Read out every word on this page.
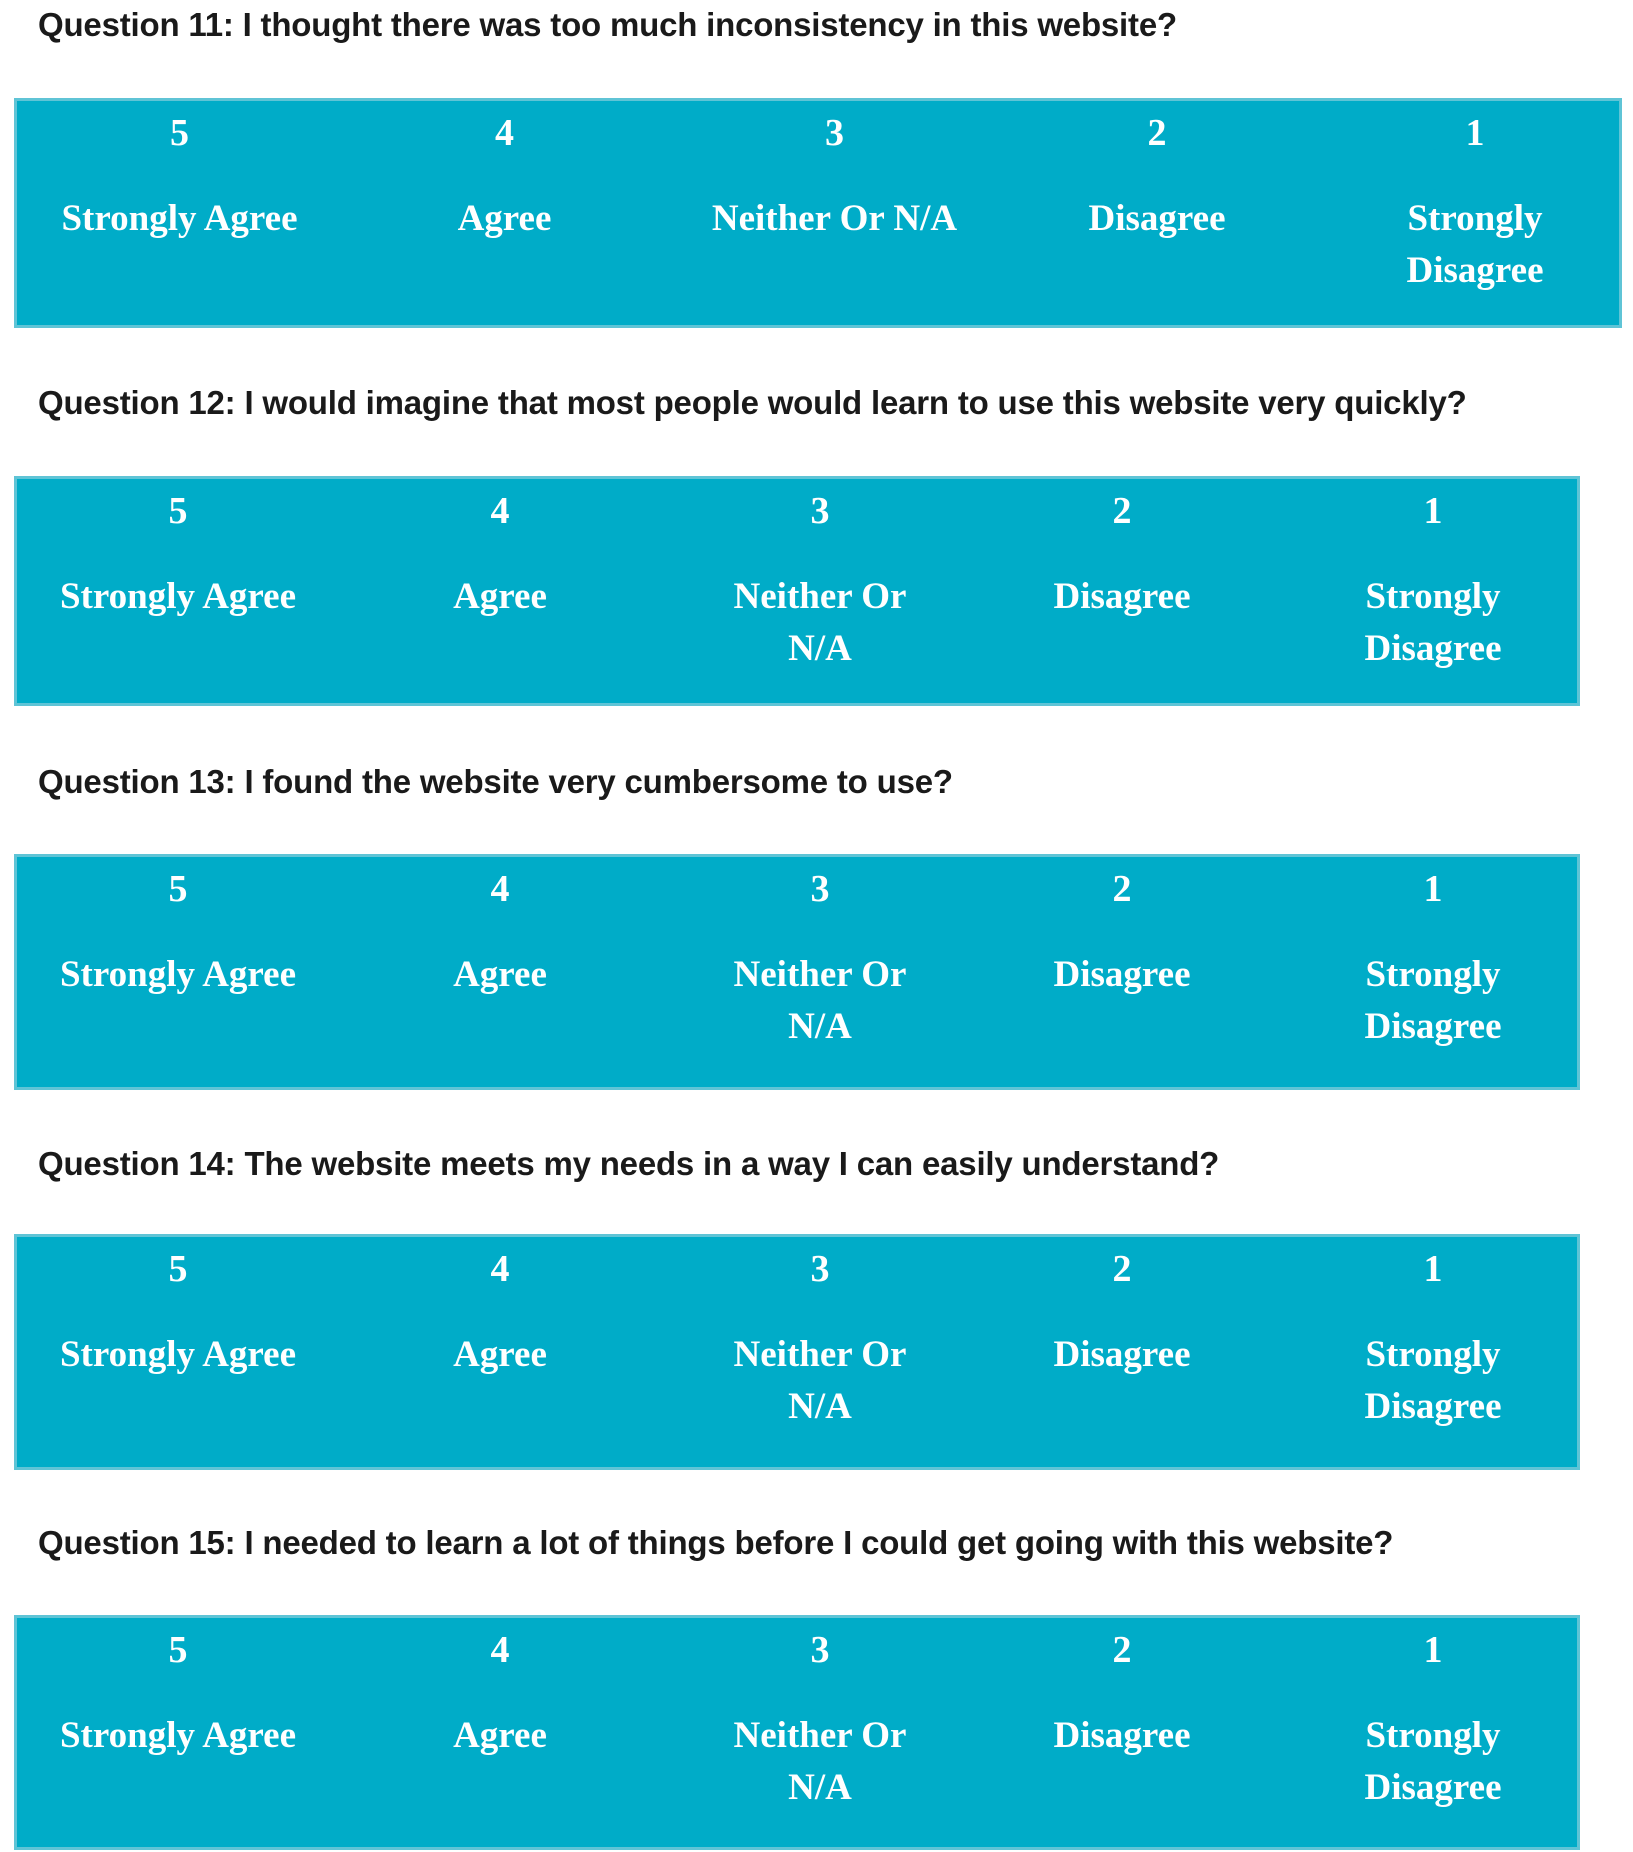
Question 11: I thought there was too much inconsistency in this website?
5
Strongly Agree
4
Agree
3
Neither Or N/A
2
Disagree
1
Strongly Disagree
Question 12: I would imagine that most people would learn to use this website very quickly?
5
Strongly Agree
4
Agree
3
Neither Or N/A
2
Disagree
1
Strongly Disagree
Question 13: I found the website very cumbersome to use?
5
Strongly Agree
4
Agree
3
Neither Or N/A
2
Disagree
1
Strongly Disagree
Question 14: The website meets my needs in a way I can easily understand?
5
Strongly Agree
4
Agree
3
Neither Or N/A
2
Disagree
1
Strongly Disagree
Question 15: I needed to learn a lot of things before I could get going with this website?
5
Strongly Agree
4
Agree
3
Neither Or N/A
2
Disagree
1
Strongly Disagree
